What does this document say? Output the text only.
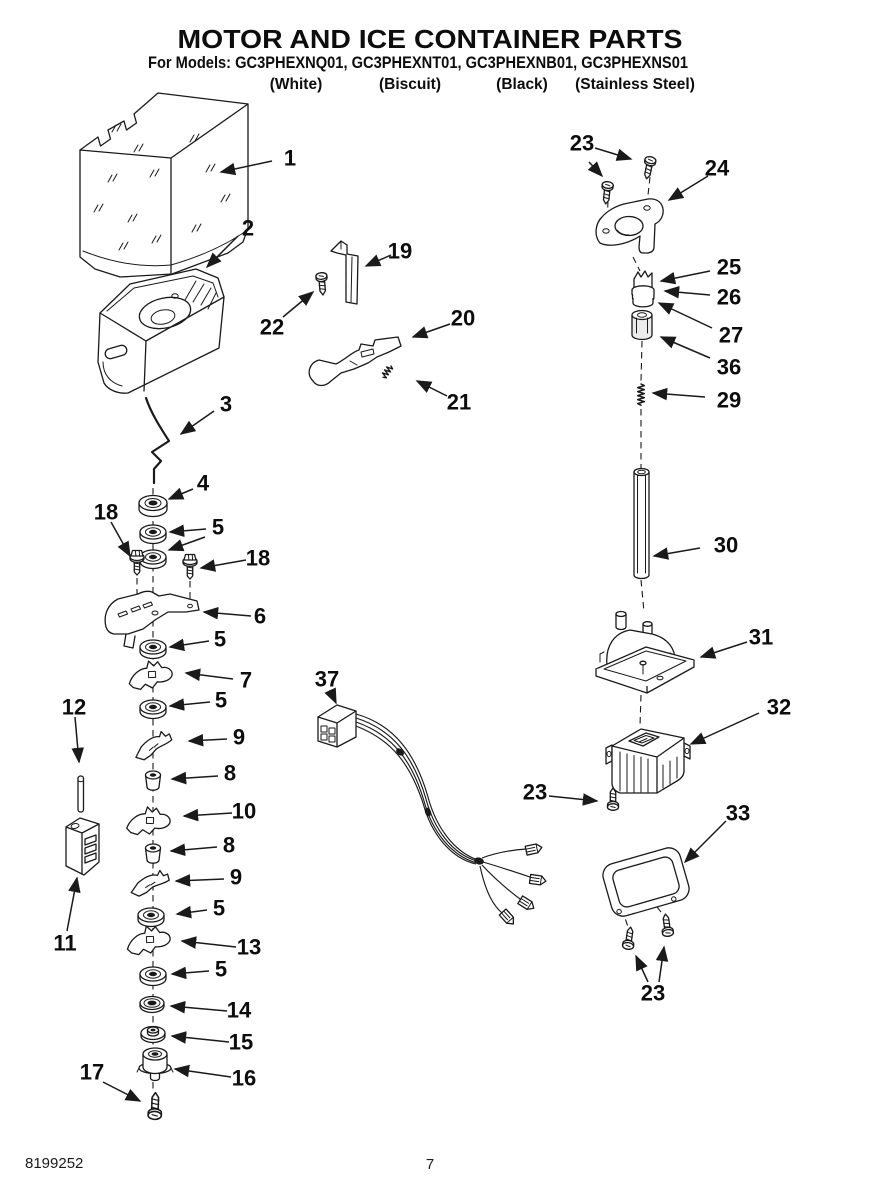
MOTOR AND ICE CONTAINER PARTS
For Models: GC3PHEXNQ01, GC3PHEXNT01, GC3PHEXNB01, GC3PHEXNS01
(White)	(Biscuit)	(Black) (Stainless Steel)
1
2
19
22	20
21
3
23
24
25
26
27
36
29
30
4
18
5
18
6
5
7
5
12
9
8
10
8
9
37
31
32
23
33
5
11	13
5
14
15
16
17
23
8199252	7
